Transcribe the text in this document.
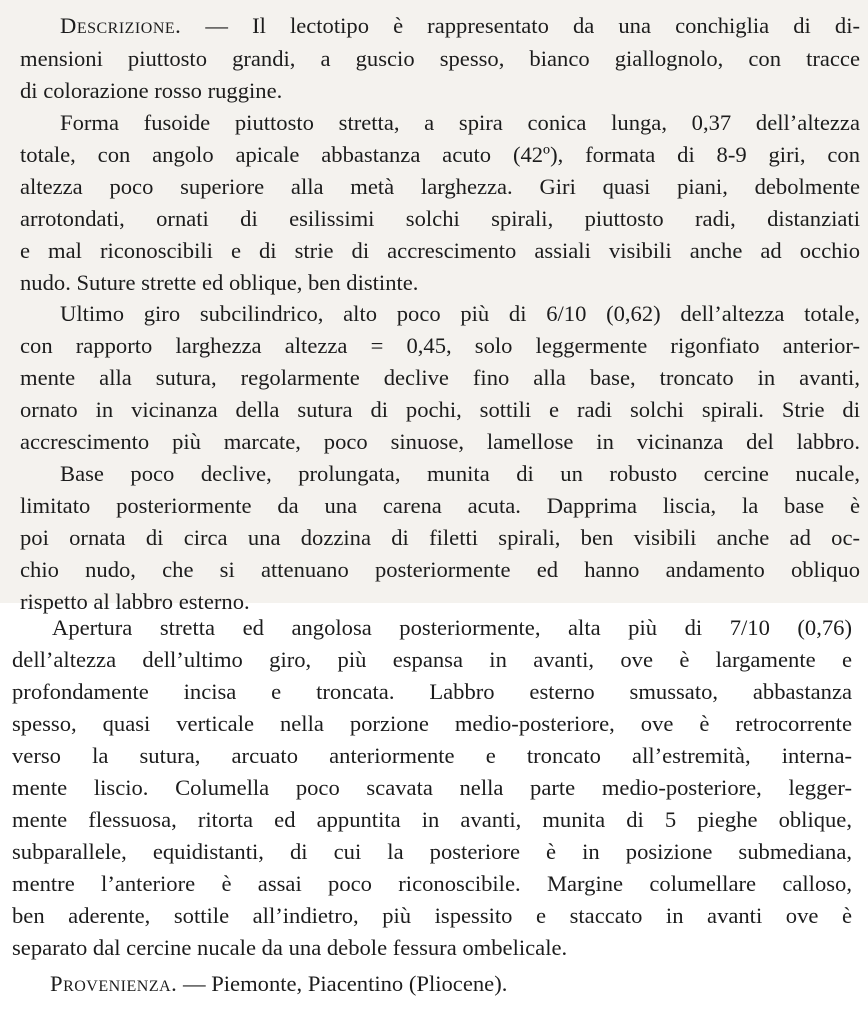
Descrizione. — Il lectotipo è rappresentato da una conchiglia di di-
mensioni piuttosto grandi, a guscio spesso, bianco giallognolo, con tracce
di colorazione rosso ruggine.
Forma fusoide piuttosto stretta, a spira conica lunga, 0,37 dell’altezza
totale, con angolo apicale abbastanza acuto (42º), formata di 8-9 giri, con
altezza poco superiore alla metà larghezza. Giri quasi piani, debolmente
arrotondati, ornati di esilissimi solchi spirali, piuttosto radi, distanziati
e mal riconoscibili e di strie di accrescimento assiali visibili anche ad occhio
nudo. Suture strette ed oblique, ben distinte.
Ultimo giro subcilindrico, alto poco più di 6/10 (0,62) dell’altezza totale,
con rapporto larghezza altezza = 0,45, solo leggermente rigonfiato anterior-
mente alla sutura, regolarmente declive fino alla base, troncato in avanti,
ornato in vicinanza della sutura di pochi, sottili e radi solchi spirali. Strie di
accrescimento più marcate, poco sinuose, lamellose in vicinanza del labbro.
Base poco declive, prolungata, munita di un robusto cercine nucale,
limitato posteriormente da una carena acuta. Dapprima liscia, la base è
poi ornata di circa una dozzina di filetti spirali, ben visibili anche ad oc-
chio nudo, che si attenuano posteriormente ed hanno andamento obliquo
rispetto al labbro esterno.
Apertura stretta ed angolosa posteriormente, alta più di 7/10 (0,76)
dell’altezza dell’ultimo giro, più espansa in avanti, ove è largamente e
profondamente incisa e troncata. Labbro esterno smussato, abbastanza
spesso, quasi verticale nella porzione medio-posteriore, ove è retrocorrente
verso la sutura, arcuato anteriormente e troncato all’estremità, interna-
mente liscio. Columella poco scavata nella parte medio-posteriore, legger-
mente flessuosa, ritorta ed appuntita in avanti, munita di 5 pieghe oblique,
subparallele, equidistanti, di cui la posteriore è in posizione submediana,
mentre l’anteriore è assai poco riconoscibile. Margine columellare calloso,
ben aderente, sottile all’indietro, più ispessito e staccato in avanti ove è
separato dal cercine nucale da una debole fessura ombelicale.
Provenienza. — Piemonte, Piacentino (Pliocene).
